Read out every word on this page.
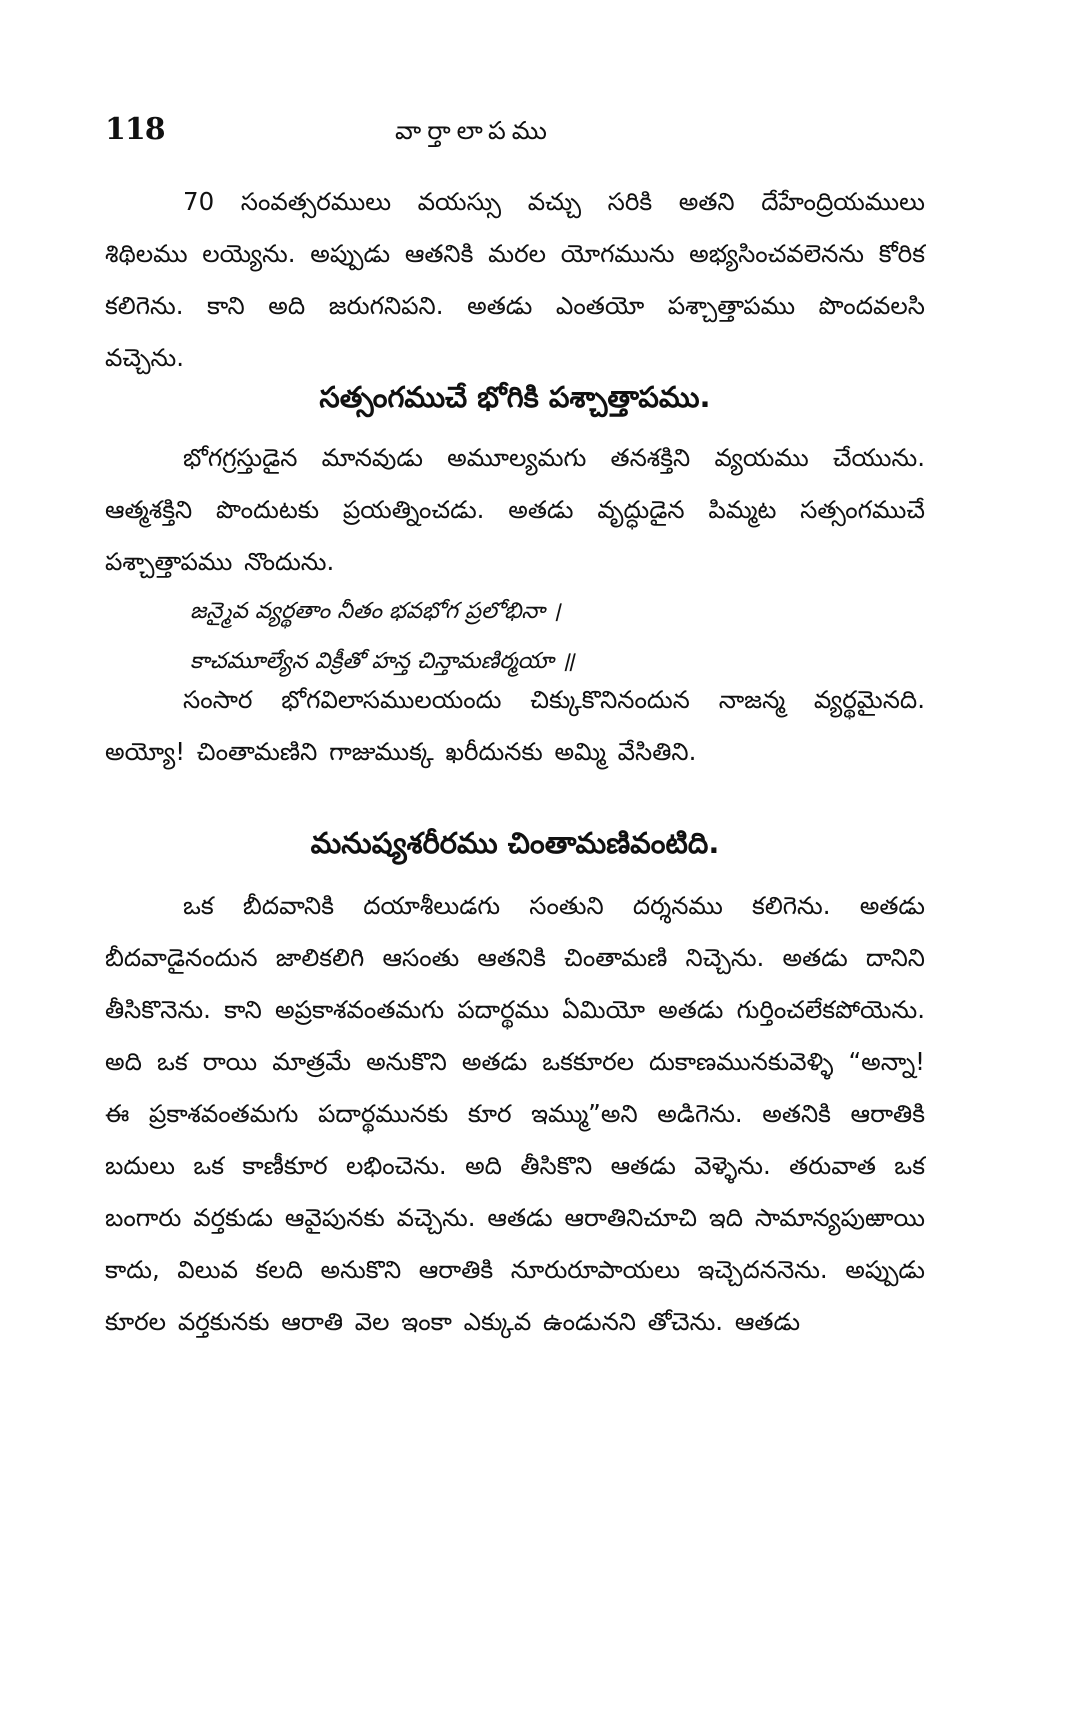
118	వార్తాలాపము
70 సంవత్సరములు వయస్సు వచ్చు సరికి అతని దేహేంద్రియములు శిథిలము లయ్యెను. అప్పుడు ఆతనికి మరల యోగమును అభ్యసించవలెనను కోరిక కలిగెను. కాని అది జరుగనిపని. అతడు ఎంతయో పశ్చాత్తాపము పొందవలసి వచ్చెను.
సత్సంగముచే భోగికి పశ్చాత్తాపము.
భోగగ్రస్తుడైన మానవుడు అమూల్యమగు తనశక్తిని వ్యయము చేయును. ఆత్మశక్తిని పొందుటకు ప్రయత్నించడు. అతడు వృద్ధుడైన పిమ్మట సత్సంగముచే పశ్చాత్తాపము నొందును.
జన్మైవ వ్యర్థతాం నీతం భవభోగ ప్రలోభినా ।
కాచమూల్యేన విక్రీతో హన్త చిన్తామణిర్మయా ॥
సంసార భోగవిలాసములయందు చిక్కుకొనినందున నాజన్మ వ్యర్థమైనది. అయ్యో! చింతామణిని గాజుముక్క ఖరీదునకు అమ్మి వేసితిని.
మనుష్యశరీరము చింతామణివంటిది.
ఒక బీదవానికి దయాశీలుడగు సంతుని దర్శనము కలిగెను. అతడు బీదవాడైనందున జాలికలిగి ఆసంతు ఆతనికి చింతామణి నిచ్చెను. అతడు దానిని తీసికొనెను. కాని అప్రకాశవంతమగు పదార్థము ఏమియో అతడు గుర్తించలేకపోయెను. అది ఒక రాయి మాత్రమే అనుకొని అతడు ఒకకూరల దుకాణమునకువెళ్ళి “అన్నా! ఈ ప్రకాశవంతమగు పదార్థమునకు కూర ఇమ్ము”అని అడిగెను. అతనికి ఆరాతికి బదులు ఒక కాణీకూర లభించెను. అది తీసికొని ఆతడు వెళ్ళెను. తరువాత ఒక బంగారు వర్తకుడు ఆవైపునకు వచ్చెను. ఆతడు ఆరాతినిచూచి ఇది సామాన్యపుఱాయి కాదు, విలువ కలది అనుకొని ఆరాతికి నూరురూపాయలు ఇచ్చెదననెను. అప్పుడు కూరల వర్తకునకు ఆరాతి వెల ఇంకా ఎక్కువ ఉండునని తోచెను. ఆతడు
